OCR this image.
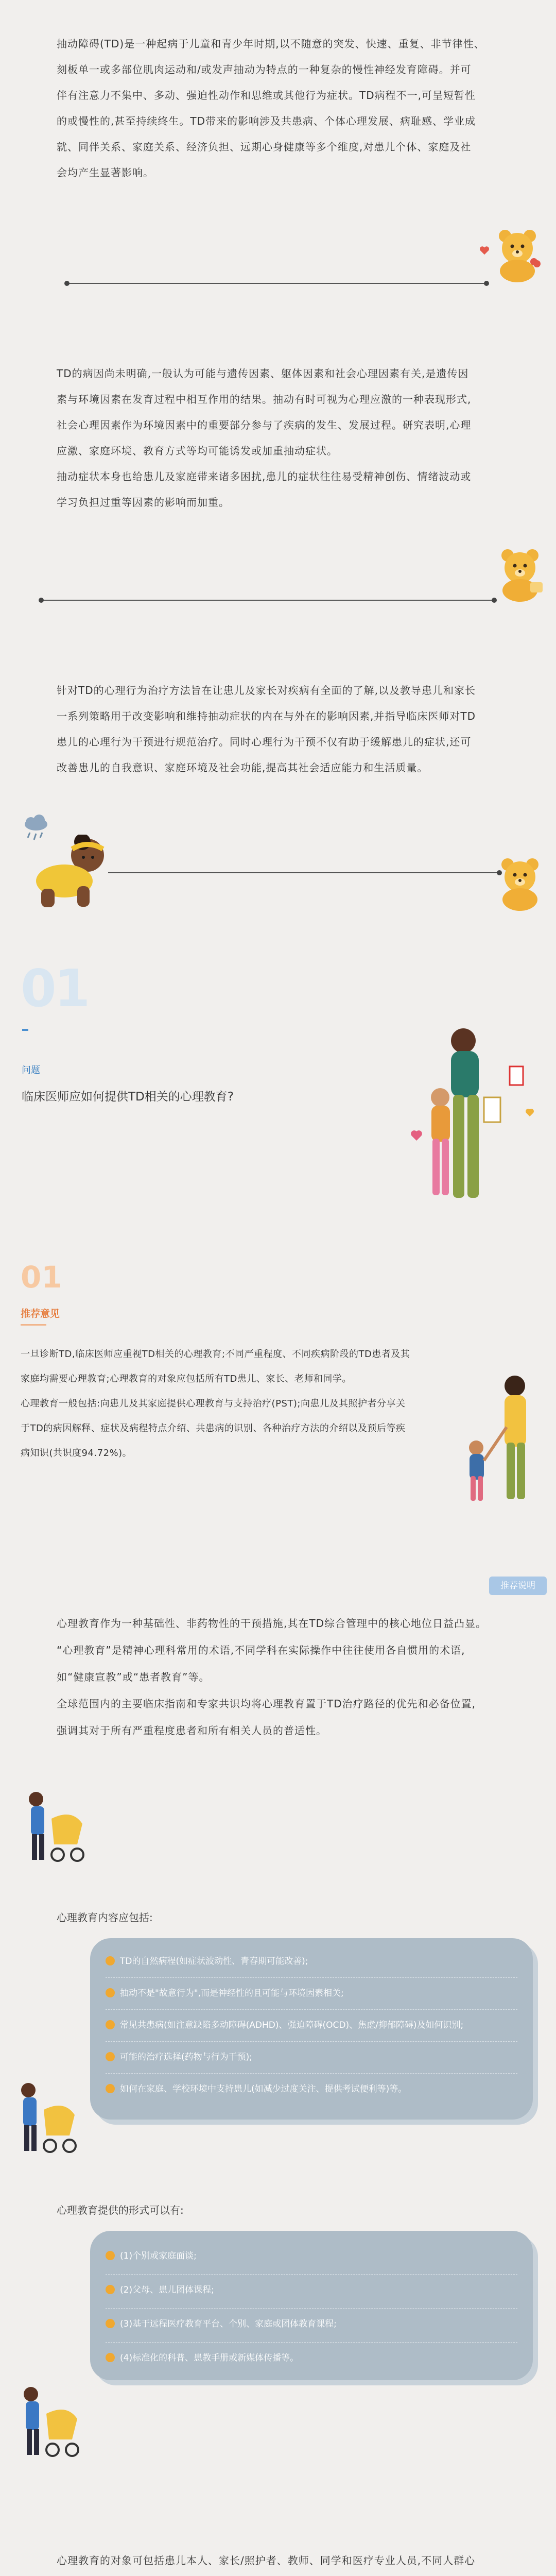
抽动障碍(TD)是一种起病于儿童和青少年时期,以不随意的突发、快速、重复、非节律性、
刻板单一或多部位肌肉运动和/或发声抽动为特点的一种复杂的慢性神经发育障碍。并可
伴有注意力不集中、多动、强迫性动作和思维或其他行为症状。TD病程不一,可呈短暂性
的或慢性的,甚至持续终生。TD带来的影响涉及共患病、个体心理发展、病耻感、学业成
就、同伴关系、家庭关系、经济负担、远期心身健康等多个维度,对患儿个体、家庭及社
会均产生显著影响。
TD的病因尚未明确,一般认为可能与遗传因素、躯体因素和社会心理因素有关,是遗传因
素与环境因素在发育过程中相互作用的结果。抽动有时可视为心理应激的一种表现形式,
社会心理因素作为环境因素中的重要部分参与了疾病的发生、发展过程。研究表明,心理
应激、家庭环境、教育方式等均可能诱发或加重抽动症状。
抽动症状本身也给患儿及家庭带来诸多困扰,患儿的症状往往易受精神创伤、情绪波动或
学习负担过重等因素的影响而加重。
针对TD的心理行为治疗方法旨在让患儿及家长对疾病有全面的了解,以及教导患儿和家长
一系列策略用于改变影响和维持抽动症状的内在与外在的影响因素,并指导临床医师对TD
患儿的心理行为干预进行规范治疗。同时心理行为干预不仅有助于缓解患儿的症状,还可
改善患儿的自我意识、家庭环境及社会功能,提高其社会适应能力和生活质量。
01
问题
临床医师应如何提供TD相关的心理教育?
01
推荐意见
一旦诊断TD,临床医师应重视TD相关的心理教育;不同严重程度、不同疾病阶段的TD患者及其
家庭均需要心理教育;心理教育的对象应包括所有TD患儿、家长、老师和同学。
心理教育一般包括:向患儿及其家庭提供心理教育与支持治疗(PST);向患儿及其照护者分享关
于TD的病因解释、症状及病程特点介绍、共患病的识别、各种治疗方法的介绍以及预后等疾
病知识(共识度94.72%)。
推荐说明
心理教育作为一种基础性、非药物性的干预措施,其在TD综合管理中的核心地位日益凸显。
“心理教育”是精神心理科常用的术语,不同学科在实际操作中往往使用各自惯用的术语,
如“健康宣教”或“患者教育”等。
全球范围内的主要临床指南和专家共识均将心理教育置于TD治疗路径的优先和必备位置,
强调其对于所有严重程度患者和所有相关人员的普适性。
心理教育内容应包括:
TD的自然病程(如症状波动性、青春期可能改善);
抽动不是"故意行为",而是神经性的且可能与环境因素相关;
常见共患病(如注意缺陷多动障碍(ADHD)、强迫障碍(OCD)、焦虑/抑郁障碍)及如何识别;
可能的治疗选择(药物与行为干预);
如何在家庭、学校环境中支持患儿(如减少过度关注、提供考试便利等)等。
心理教育提供的形式可以有:
(1)个别或家庭面谈;
(2)父母、患儿团体课程;
(3)基于远程医疗教育平台、个别、家庭或团体教育课程;
(4)标准化的科普、患教手册或新媒体传播等。
心理教育的对象可包括患儿本人、家长/照护者、教师、同学和医疗专业人员,不同人群心
